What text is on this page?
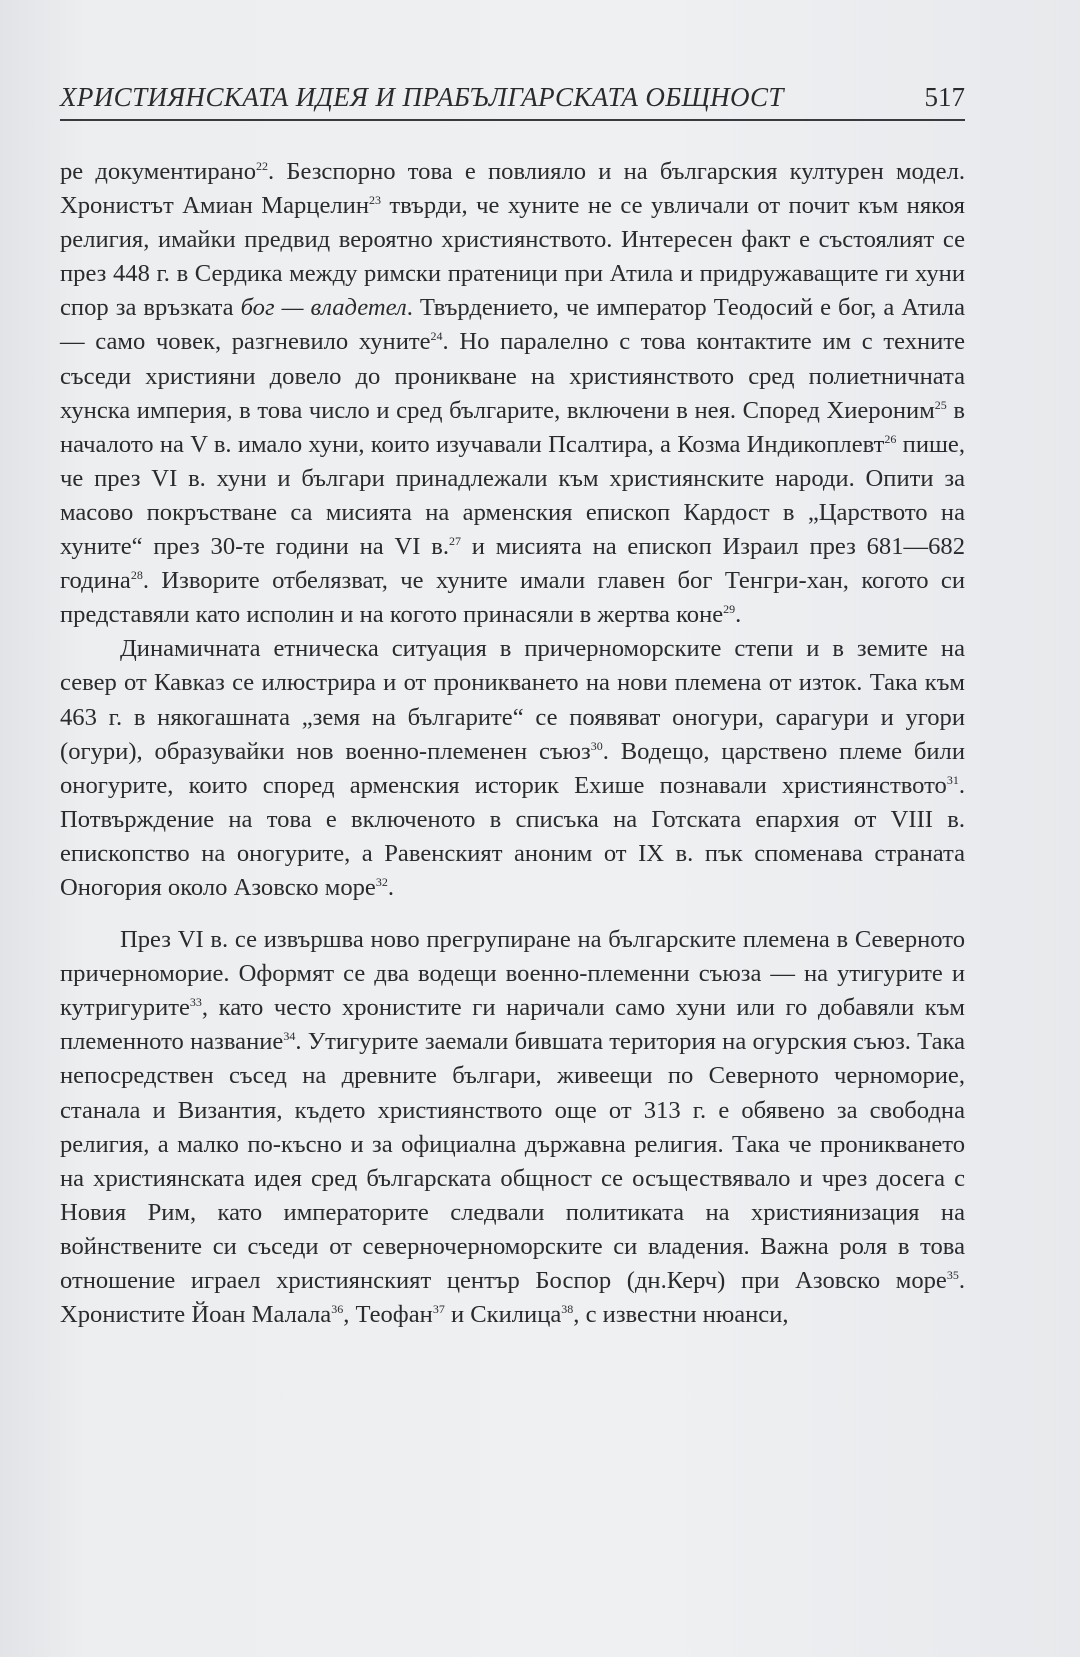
ХРИСТИЯНСКАТА ИДЕЯ И ПРАБЪЛГАРСКАТА ОБЩНОСТ	517

ре документирано$^{22}$. Безспорно това е повлияло и на българския културен модел. Хронистът Амиан Марцелин$^{23}$ твърди, че хуните не се увличали от почит към някоя религия, имайки предвид вероятно християнството. Интересен факт е състоялият се през 448 г. в Сердика между римски пратеници при Атила и придружаващите ги хуни спор за връзката бог — владетел. Твърдението, че император Теодосий е бог, а Атила — само човек, разгневило хуните$^{24}$. Но паралелно с това контактите им с техните съседи християни довело до проникване на християнството сред полиетничната хунска империя, в това число и сред българите, включени в нея. Според Хиероним$^{25}$ в началото на V в. имало хуни, които изучавали Псалтира, а Козма Индикоплевт$^{26}$ пише, че през VI в. хуни и българи принадлежали към християнските народи. Опити за масово покръстване са мисията на арменския епископ Кардост в „Царството на хуните“ през 30-те години на VI в.$^{27}$ и мисията на епископ Израил през 681—682 година$^{28}$. Изворите отбелязват, че хуните имали главен бог Тенгри-хан, когото си представяли като исполин и на когото принасяли в жертва коне$^{29}$.

Динамичната етническа ситуация в причерноморските степи и в земите на север от Кавказ се илюстрира и от проникването на нови племена от изток. Така към 463 г. в някогашната „земя на българите“ се появяват оногури, сарагури и угори (огури), образувайки нов военно-племенен съюз$^{30}$. Водещо, царствено племе били оногурите, които според арменския историк Ехише познавали християнството$^{31}$. Потвърждение на това е включеното в списъка на Готската епархия от VIII в. епископство на оногурите, а Равенският аноним от IX в. пък споменава страната Оногория около Азовско море$^{32}$.

През VI в. се извършва ново прегрупиране на българските племена в Северното причерноморие. Оформят се два водещи военно-племенни съюза — на утигурите и кутригурите$^{33}$, като често хронистите ги наричали само хуни или го добавяли към племенното название$^{34}$. Утигурите заемали бившата територия на огурския съюз. Така непосредствен съсед на древните българи, живеещи по Северното черноморие, станала и Византия, където християнството още от 313 г. е обявено за свободна религия, а малко по-късно и за официална държавна религия. Така че проникването на християнската идея сред българската общност се осъществявало и чрез досега с Новия Рим, като императорите следвали политиката на християнизация на войнствените си съседи от северночерноморските си владения. Важна роля в това отношение играел християнският център Боспор (дн.Керч) при Азовско море$^{35}$. Хронистите Йоан Малала$^{36}$, Теофан$^{37}$ и Скилица$^{38}$, с известни нюанси,
